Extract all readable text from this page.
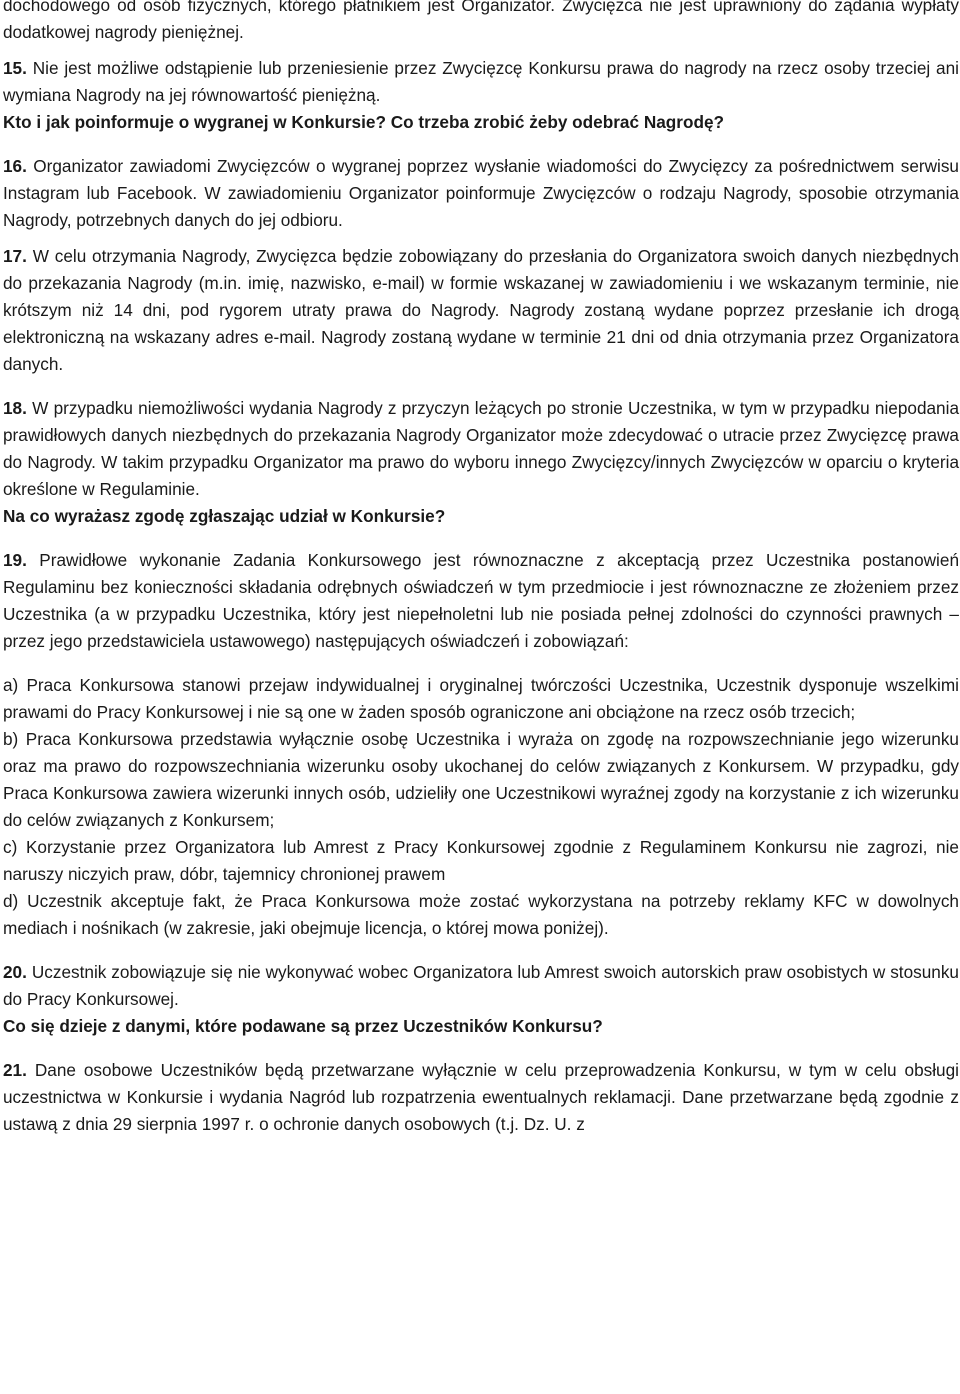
dochodowego od osób fizycznych, którego płatnikiem jest Organizator. Zwycięzca nie jest uprawniony do żądania wypłaty dodatkowej nagrody pieniężnej.

15. Nie jest możliwe odstąpienie lub przeniesienie przez Zwycięzcę Konkursu prawa do nagrody na rzecz osoby trzeciej ani wymiana Nagrody na jej równowartość pieniężną.

Kto i jak poinformuje o wygranej w Konkursie? Co trzeba zrobić żeby odebrać Nagrodę?

16. Organizator zawiadomi Zwycięzców o wygranej poprzez wysłanie wiadomości do Zwycięzcy za pośrednictwem serwisu Instagram lub Facebook. W zawiadomieniu Organizator poinformuje Zwycięzców o rodzaju Nagrody, sposobie otrzymania Nagrody, potrzebnych danych do jej odbioru.

17. W celu otrzymania Nagrody, Zwycięzca będzie zobowiązany do przesłania do Organizatora swoich danych niezbędnych do przekazania Nagrody (m.in. imię, nazwisko, e-mail) w formie wskazanej w zawiadomieniu i we wskazanym terminie, nie krótszym niż 14 dni, pod rygorem utraty prawa do Nagrody. Nagrody zostaną wydane poprzez przesłanie ich drogą elektroniczną na wskazany adres e-mail. Nagrody zostaną wydane w terminie 21 dni od dnia otrzymania przez Organizatora danych.

18. W przypadku niemożliwości wydania Nagrody z przyczyn leżących po stronie Uczestnika, w tym w przypadku niepodania prawidłowych danych niezbędnych do przekazania Nagrody Organizator może zdecydować o utracie przez Zwycięzcę prawa do Nagrody. W takim przypadku Organizator ma prawo do wyboru innego Zwycięzcy/innych Zwycięzców w oparciu o kryteria określone w Regulaminie.

Na co wyrażasz zgodę zgłaszając udział w Konkursie?

19. Prawidłowe wykonanie Zadania Konkursowego jest równoznaczne z akceptacją przez Uczestnika postanowień Regulaminu bez konieczności składania odrębnych oświadczeń w tym przedmiocie i jest równoznaczne ze złożeniem przez Uczestnika (a w przypadku Uczestnika, który jest niepełnoletni lub nie posiada pełnej zdolności do czynności prawnych – przez jego przedstawiciela ustawowego) następujących oświadczeń i zobowiązań:

a) Praca Konkursowa stanowi przejaw indywidualnej i oryginalnej twórczości Uczestnika, Uczestnik dysponuje wszelkimi prawami do Pracy Konkursowej i nie są one w żaden sposób ograniczone ani obciążone na rzecz osób trzecich;

b) Praca Konkursowa przedstawia wyłącznie osobę Uczestnika i wyraża on zgodę na rozpowszechnianie jego wizerunku oraz ma prawo do rozpowszechniania wizerunku osoby ukochanej do celów związanych z Konkursem. W przypadku, gdy Praca Konkursowa zawiera wizerunki innych osób, udzieliły one Uczestnikowi wyraźnej zgody na korzystanie z ich wizerunku do celów związanych z Konkursem;

c) Korzystanie przez Organizatora lub Amrest z Pracy Konkursowej zgodnie z Regulaminem Konkursu nie zagrozi, nie naruszy niczyich praw, dóbr, tajemnicy chronionej prawem

d) Uczestnik akceptuje fakt, że Praca Konkursowa może zostać wykorzystana na potrzeby reklamy KFC w dowolnych mediach i nośnikach (w zakresie, jaki obejmuje licencja, o której mowa poniżej).

20. Uczestnik zobowiązuje się nie wykonywać wobec Organizatora lub Amrest swoich autorskich praw osobistych w stosunku do Pracy Konkursowej.

Co się dzieje z danymi, które podawane są przez Uczestników Konkursu?

21. Dane osobowe Uczestników będą przetwarzane wyłącznie w celu przeprowadzenia Konkursu, w tym w celu obsługi uczestnictwa w Konkursie i wydania Nagród lub rozpatrzenia ewentualnych reklamacji. Dane przetwarzane będą zgodnie z ustawą z dnia 29 sierpnia 1997 r. o ochronie danych osobowych (t.j. Dz. U. z
